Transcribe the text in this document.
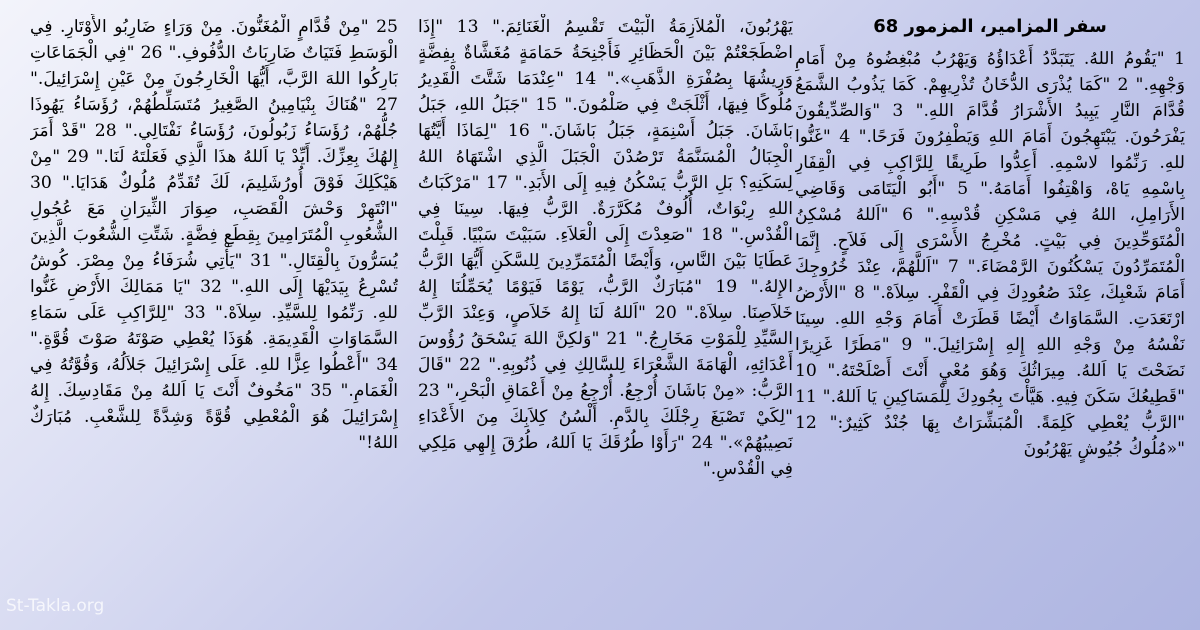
سفر المزامير، المزمور 68
1 "يَقُومُ اللهُ. يَتَبَدَّدُ أَعْدَاؤُهُ وَيَهْرُبُ مُبْغِضُوهُ مِنْ أَمَامِ وَجْهِهِ." 2 "كَمَا يُذْرَى الدُّخَانُ تُذْرِيهِمْ. كَمَا يَذُوبُ الشَّمَعُ قُدَّامَ النَّارِ يَبِيدُ الأَشْرَارُ قُدَّامَ اللهِ." 3 "وَالصِّدِّيقُونَ يَفْرَحُونَ. يَبْتَهِجُونَ أَمَامَ اللهِ وَيَطْفِرُونَ فَرَحًا." 4 "غَنُّوا للهِ. رَنِّمُوا لاسْمِهِ. أَعِدُّوا طَرِيقًا لِلرَّاكِبِ فِي الْقِفَارِ بِاسْمِهِ يَاهْ، وَاهْتِفُوا أَمَامَهُ." 5 "أَبُو الْيَتَامَى وَقَاضِي الأَرَامِلِ، اللهُ فِي مَسْكِنِ قُدْسِهِ." 6 "اَللهُ مُسْكِنُ الْمُتَوَحِّدِينَ فِي بَيْتٍ. مُخْرِجُ الأَسْرَى إِلَى فَلاَحٍ. إِنَّمَا الْمُتَمَرِّدُونَ يَسْكُنُونَ الرَّمْضَاءَ." 7 "اَللَّهُمَّ، عِنْدَ خُرُوجِكَ أَمَامَ شَعْبِكَ، عِنْدَ صُعُودِكَ فِي الْقَفْرِ. سِلاَهْ." 8 "الأَرْضُ ارْتَعَدَتِ. السَّمَاوَاتُ أَيْضًا قَطَرَتْ أَمَامَ وَجْهِ اللهِ. سِينَا نَفْسُهُ مِنْ وَجْهِ اللهِ إِلهِ إِسْرَائِيلَ." 9 "مَطَرًا غَزِيرًا نَضَحْتَ يَا اَللهُ. مِيرَاثُكَ وَهُوَ مُعْيٍ أَنْتَ أَصْلَحْتَهُ." 10 "قَطِيعُكَ سَكَنَ فِيهِ. هَيَّأْتَ بِجُودِكَ لِلْمَسَاكِينِ يَا اَللهُ." 11 "الرَّبُّ يُعْطِي كَلِمَةً. الْمُبَشِّرَاتُ بِهَا جُنْدٌ كَثِيرٌ:" 12 "«مُلُوكُ جُيُوشٍ يَهْرُبُونَ
يَهْرُبُونَ، الْمُلاَزِمَةُ الْبَيْتَ تَقْسِمُ الْغَنَائِمَ." 13 "إِذَا اضْطَجَعْتُمْ بَيْنَ الْحَظَائِرِ فَأَجْنِحَةُ حَمَامَةٍ مُغَشَّاةٌ بِفِضَّةٍ وَرِيشُهَا بِصُفْرَةِ الذَّهَبِ»." 14 "عِنْدَمَا شَتَّتَ الْقَدِيرُ مُلُوكًا فِيهَا، أَثْلَجَتْ فِي صَلْمُونَ." 15 "جَبَلُ اللهِ، جَبَلُ بَاشَانَ. جَبَلُ أَسْنِمَةٍ، جَبَلُ بَاشَانَ." 16 "لِمَاذَا أَيَّتُهَا الْجِبَالُ الْمُسَنَّمَةُ تَرْصُدْنَ الْجَبَلَ الَّذِي اشْتَهَاهُ اللهُ لِسَكَنِهِ؟ بَلِ الرَّبُّ يَسْكُنُ فِيهِ إِلَى الأَبَدِ." 17 "مَرْكَبَاتُ اللهِ رِبْوَاتٌ، أُلُوفٌ مُكَرَّرَةٌ. الرَّبُّ فِيهَا. سِينَا فِي الْقُدْسِ." 18 "صَعِدْتَ إِلَى الْعَلاَءِ. سَبَيْتَ سَبْيًا. قَبِلْتَ عَطَايَا بَيْنَ النَّاسِ، وَأَيْضًا الْمُتَمَرِّدِينَ لِلسَّكَنِ أَيُّهَا الرَّبُّ الإِلهُ." 19 "مُبَارَكٌ الرَّبُّ، يَوْمًا فَيَوْمًا يُحَمِّلُنَا إِلهُ خَلاَصِنَا. سِلاَهْ." 20 "اَللهُ لَنَا إِلهُ خَلاَصٍ، وَعِنْدَ الرَّبِّ السَّيِّدِ لِلْمَوْتِ مَخَارِجُ." 21 "وَلكِنَّ اللهَ يَسْحَقُ رُؤُوسَ أَعْدَائِهِ، الْهَامَةَ الشَّعْرَاءَ لِلسَّالِكِ فِي ذُنُوبِهِ." 22 "قَالَ الرَّبُّ: «مِنْ بَاشَانَ أُرْجِعُ. أُرْجِعُ مِنْ أَعْمَاقِ الْبَحْرِ،" 23 "لِكَيْ تَصْبَغَ رِجْلَكَ بِالدَّمِ. أَلْسُنُ كِلاَبِكَ مِنَ الأَعْدَاءِ نَصِيبُهُمْ»." 24 "رَأَوْا طُرُقَكَ يَا اَللهُ، طُرُقَ إِلهِي مَلِكِي فِي الْقُدْسِ."
25 "مِنْ قُدَّامٍ الْمُغَنُّونَ. مِنْ وَرَاءٍ ضَارِبُو الأَوْتَارِ. فِي الْوَسَطِ فَتَيَاتٌ ضَارِبَاتُ الدُّفُوفِ." 26 "فِي الْجَمَاعَاتِ بَارِكُوا اللهَ الرَّبَّ، أَيُّهَا الْخَارِجُونَ مِنْ عَيْنِ إِسْرَائِيلَ." 27 "هُنَاكَ بِنْيَامِينُ الصَّغِيرُ مُتَسَلِّطُهُمْ، رُؤَسَاءُ يَهُوذَا جُلُّهُمْ، رُؤَسَاءُ زَبُولُونَ، رُؤَسَاءُ نَفْتَالِي." 28 "قَدْ أَمَرَ إِلهُكَ بِعِزِّكَ. أَيِّدْ يَا اَللهُ هذَا الَّذِي فَعَلْتَهُ لَنَا." 29 "مِنْ هَيْكَلِكَ فَوْقَ أُورُشَلِيمَ، لَكَ تُقَدِّمُ مُلُوكٌ هَدَايَا." 30 "انْتَهِرْ وَحْشَ الْقَصَبِ، صِوَارَ الثِّيرَانِ مَعَ عُجُولِ الشُّعُوبِ الْمُتَرَامِينَ بِقِطَعِ فِضَّةٍ. شَتِّتِ الشُّعُوبَ الَّذِينَ يُسَرُّونَ بِالْقِتَالِ." 31 "يَأْتِي شُرَفَاءُ مِنْ مِصْرَ. كُوشُ تُسْرِعُ بِيَدَيْهَا إِلَى اللهِ." 32 "يَا مَمَالِكَ الأَرْضِ غَنُّوا للهِ. رَنِّمُوا لِلسَّيِّدِ. سِلاَهْ." 33 "لِلرَّاكِبِ عَلَى سَمَاءِ السَّمَاوَاتِ الْقَدِيمَةِ. هُوَذَا يُعْطِي صَوْتَهُ صَوْتَ قُوَّةٍ." 34 "أَعْطُوا عِزًّا للهِ. عَلَى إِسْرَائِيلَ جَلاَلُهُ، وَقُوَّتُهُ فِي الْغَمَامِ." 35 "مَخُوفٌ أَنْتَ يَا اَللهُ مِنْ مَقَادِسِكَ. إِلهُ إِسْرَائِيلَ هُوَ الْمُعْطِي قُوَّةً وَشِدَّةً لِلشَّعْبِ. مُبَارَكٌ اللهُ!"
St-Takla.org
